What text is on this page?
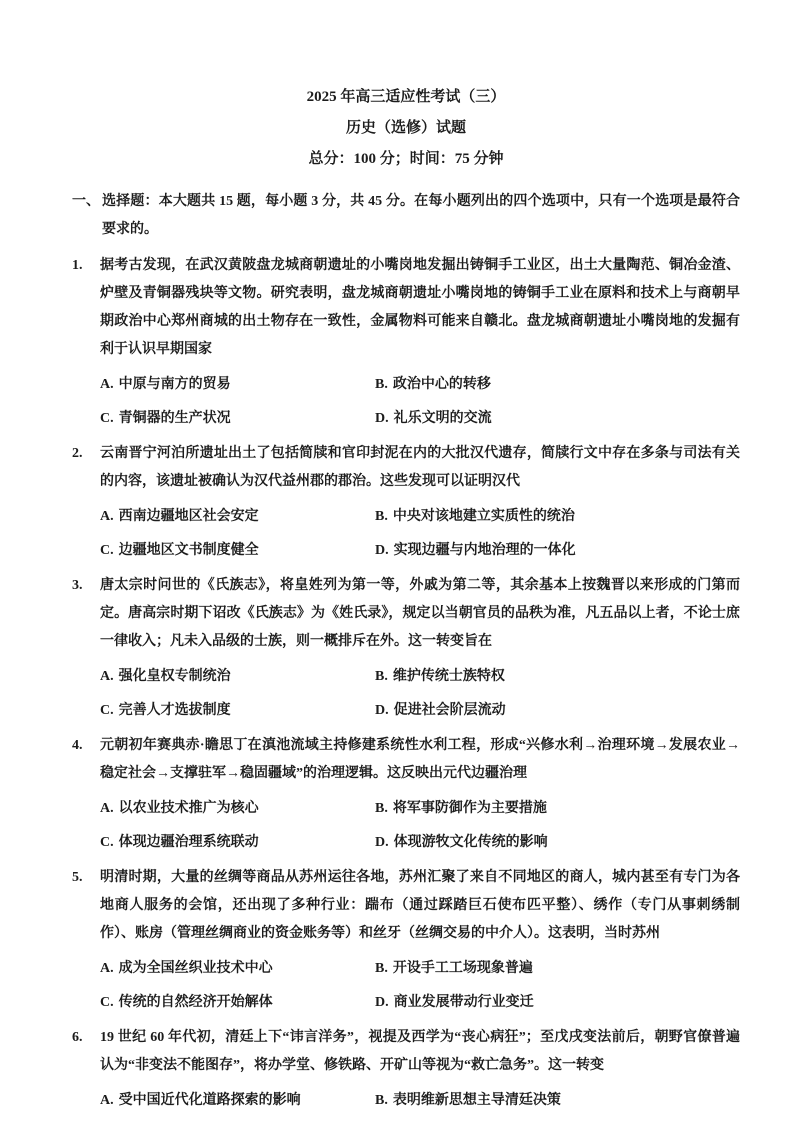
2025 年高三适应性考试（三）
历史（选修）试题
总分：100 分；时间：75 分钟
一、 选择题：本大题共 15 题，每小题 3 分，共 45 分。在每小题列出的四个选项中，只有一个选项是最符合要求的。
1.	据考古发现，在武汉黄陂盘龙城商朝遗址的小嘴岗地发掘出铸铜手工业区，出土大量陶范、铜冶金渣、炉壁及青铜器残块等文物。研究表明，盘龙城商朝遗址小嘴岗地的铸铜手工业在原料和技术上与商朝早期政治中心郑州商城的出土物存在一致性，金属物料可能来自赣北。盘龙城商朝遗址小嘴岗地的发掘有利于认识早期国家
A. 中原与南方的贸易	B. 政治中心的转移
C. 青铜器的生产状况	D. 礼乐文明的交流
2.	云南晋宁河泊所遗址出土了包括简牍和官印封泥在内的大批汉代遗存，简牍行文中存在多条与司法有关的内容，该遗址被确认为汉代益州郡的郡治。这些发现可以证明汉代
A. 西南边疆地区社会安定	B. 中央对该地建立实质性的统治
C. 边疆地区文书制度健全	D. 实现边疆与内地治理的一体化
3.	唐太宗时问世的《氏族志》，将皇姓列为第一等，外戚为第二等，其余基本上按魏晋以来形成的门第而定。唐高宗时期下诏改《氏族志》为《姓氏录》，规定以当朝官员的品秩为准，凡五品以上者，不论士庶一律收入；凡未入品级的士族，则一概排斥在外。这一转变旨在
A. 强化皇权专制统治	B. 维护传统士族特权
C. 完善人才选拔制度	D. 促进社会阶层流动
4.	元朝初年赛典赤·瞻思丁在滇池流域主持修建系统性水利工程，形成“兴修水利→治理环境→发展农业→稳定社会→支撑驻军→稳固疆域”的治理逻辑。这反映出元代边疆治理
A. 以农业技术推广为核心	B. 将军事防御作为主要措施
C. 体现边疆治理系统联动	D. 体现游牧文化传统的影响
5.	明清时期，大量的丝绸等商品从苏州运往各地，苏州汇聚了来自不同地区的商人，城内甚至有专门为各地商人服务的会馆，还出现了多种行业：踹布（通过踩踏巨石使布匹平整）、绣作（专门从事刺绣制作）、账房（管理丝绸商业的资金账务等）和丝牙（丝绸交易的中介人）。这表明，当时苏州
A. 成为全国丝织业技术中心	B. 开设手工工场现象普遍
C. 传统的自然经济开始解体	D. 商业发展带动行业变迁
6.	19 世纪 60 年代初，清廷上下“讳言洋务”，视提及西学为“丧心病狂”；至戊戌变法前后，朝野官僚普遍认为“非变法不能图存”，将办学堂、修铁路、开矿山等视为“救亡急务”。这一转变
A. 受中国近代化道路探索的影响	B. 表明维新思想主导清廷决策
